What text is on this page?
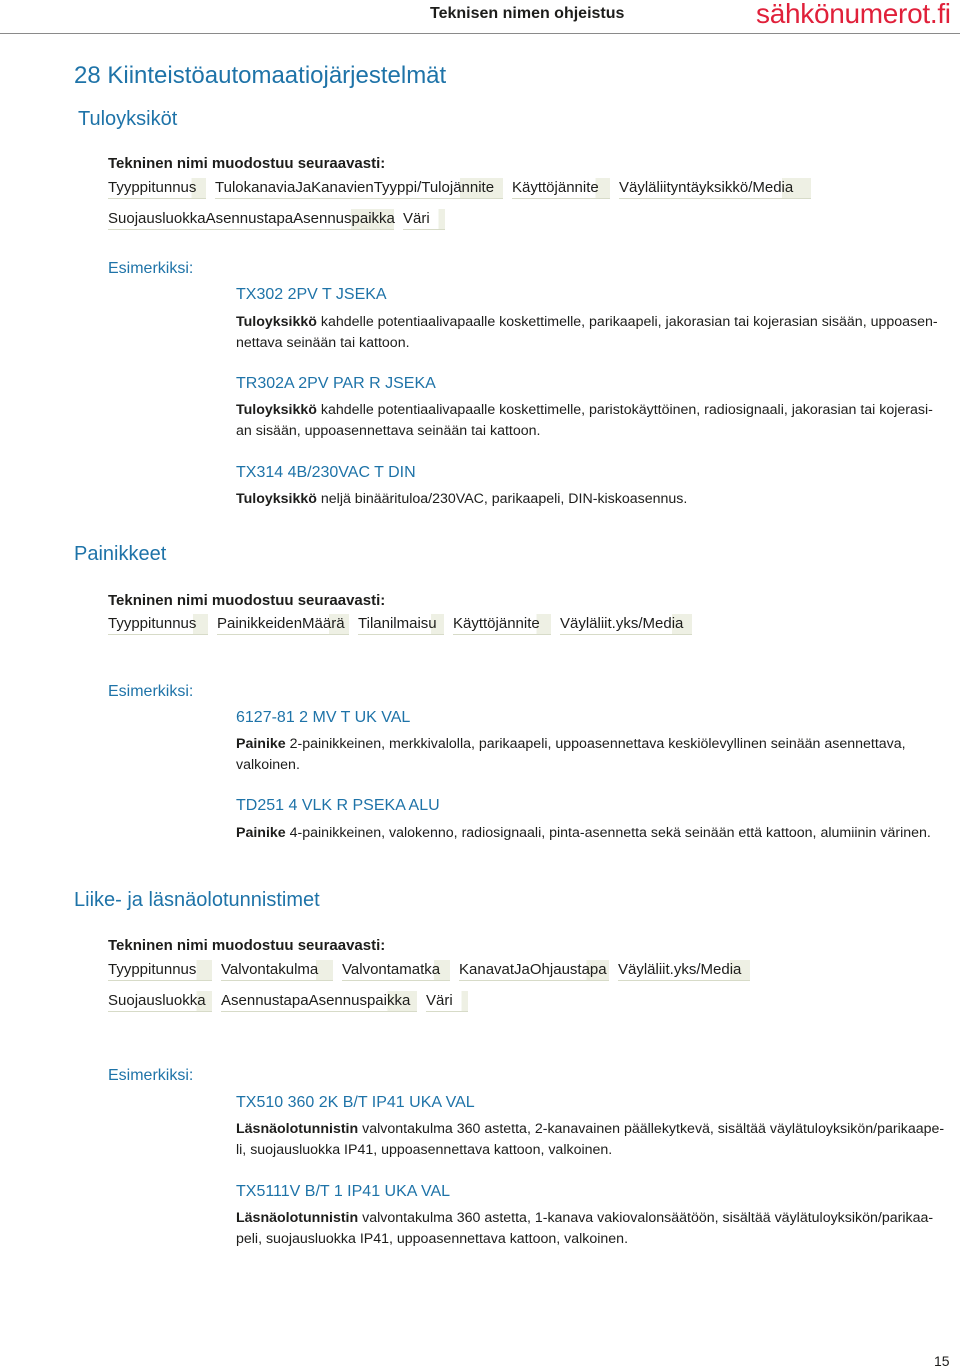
Teknisen nimen ohjeistus	sähkönumerot.fi
28 Kiinteistöautomaatiojärjestelmät
Tuloyksiköt
Tekninen nimi muodostuu seuraavasti:
Tyyppitunnus	TulokanaviaJaKanavienTyyppi/Tulojännite	Käyttöjännite	Väyläliityntäyksikkö/Media
SuojausluokkaAsennustapaAsennuspaikka Väri
Esimerkiksi:
TX302 2PV T JSEKA
Tuloyksikkö kahdelle potentiaalivapaalle koskettimelle, parikaapeli, jakorasian tai kojerasian sisään, uppoasen-
nettava seinään tai kattoon.
TR302A 2PV PAR R JSEKA
Tuloyksikkö kahdelle potentiaalivapaalle koskettimelle, paristokäyttöinen, radiosignaali, jakorasian tai kojerasi-
an sisään, uppoasennettava seinään tai kattoon.
TX314 4B/230VAC T DIN
Tuloyksikkö neljä binäärituloa/230VAC, parikaapeli, DIN-kiskoasennus.
Painikkeet
Tekninen nimi muodostuu seuraavasti:
Tyyppitunnus	PainikkeidenMäärä Tilanilmaisu	Käyttöjännite	Väyläliit.yks/Media
Esimerkiksi:
6127-81 2 MV T UK VAL
Painike 2-painikkeinen, merkkivalolla, parikaapeli, uppoasennettava keskiölevyllinen seinään asennettava,
valkoinen.
TD251 4 VLK R PSEKA ALU
Painike 4-painikkeinen, valokenno, radiosignaali, pinta-asennetta sekä seinään että kattoon, alumiinin värinen.
Liike- ja läsnäolotunnistimet
Tekninen nimi muodostuu seuraavasti:
Tyyppitunnus	Valvontakulma	Valvontamatka	KanavatJaOhjaustapa Väyläliit.yks/Media
Suojausluokka	AsennustapaAsennuspaikka	Väri
Esimerkiksi:
TX510 360 2K B/T IP41 UKA VAL
Läsnäolotunnistin valvontakulma 360 astetta, 2-kanavainen päällekytkevä, sisältää väylätuloyksikön/parikaape-
li, suojausluokka IP41, uppoasennettava kattoon, valkoinen.
TX5111V B/T 1 IP41 UKA VAL
Läsnäolotunnistin valvontakulma 360 astetta, 1-kanava vakiovalonsäätöön, sisältää väylätuloyksikön/parikaa-
peli, suojausluokka IP41, uppoasennettava kattoon, valkoinen.
15
